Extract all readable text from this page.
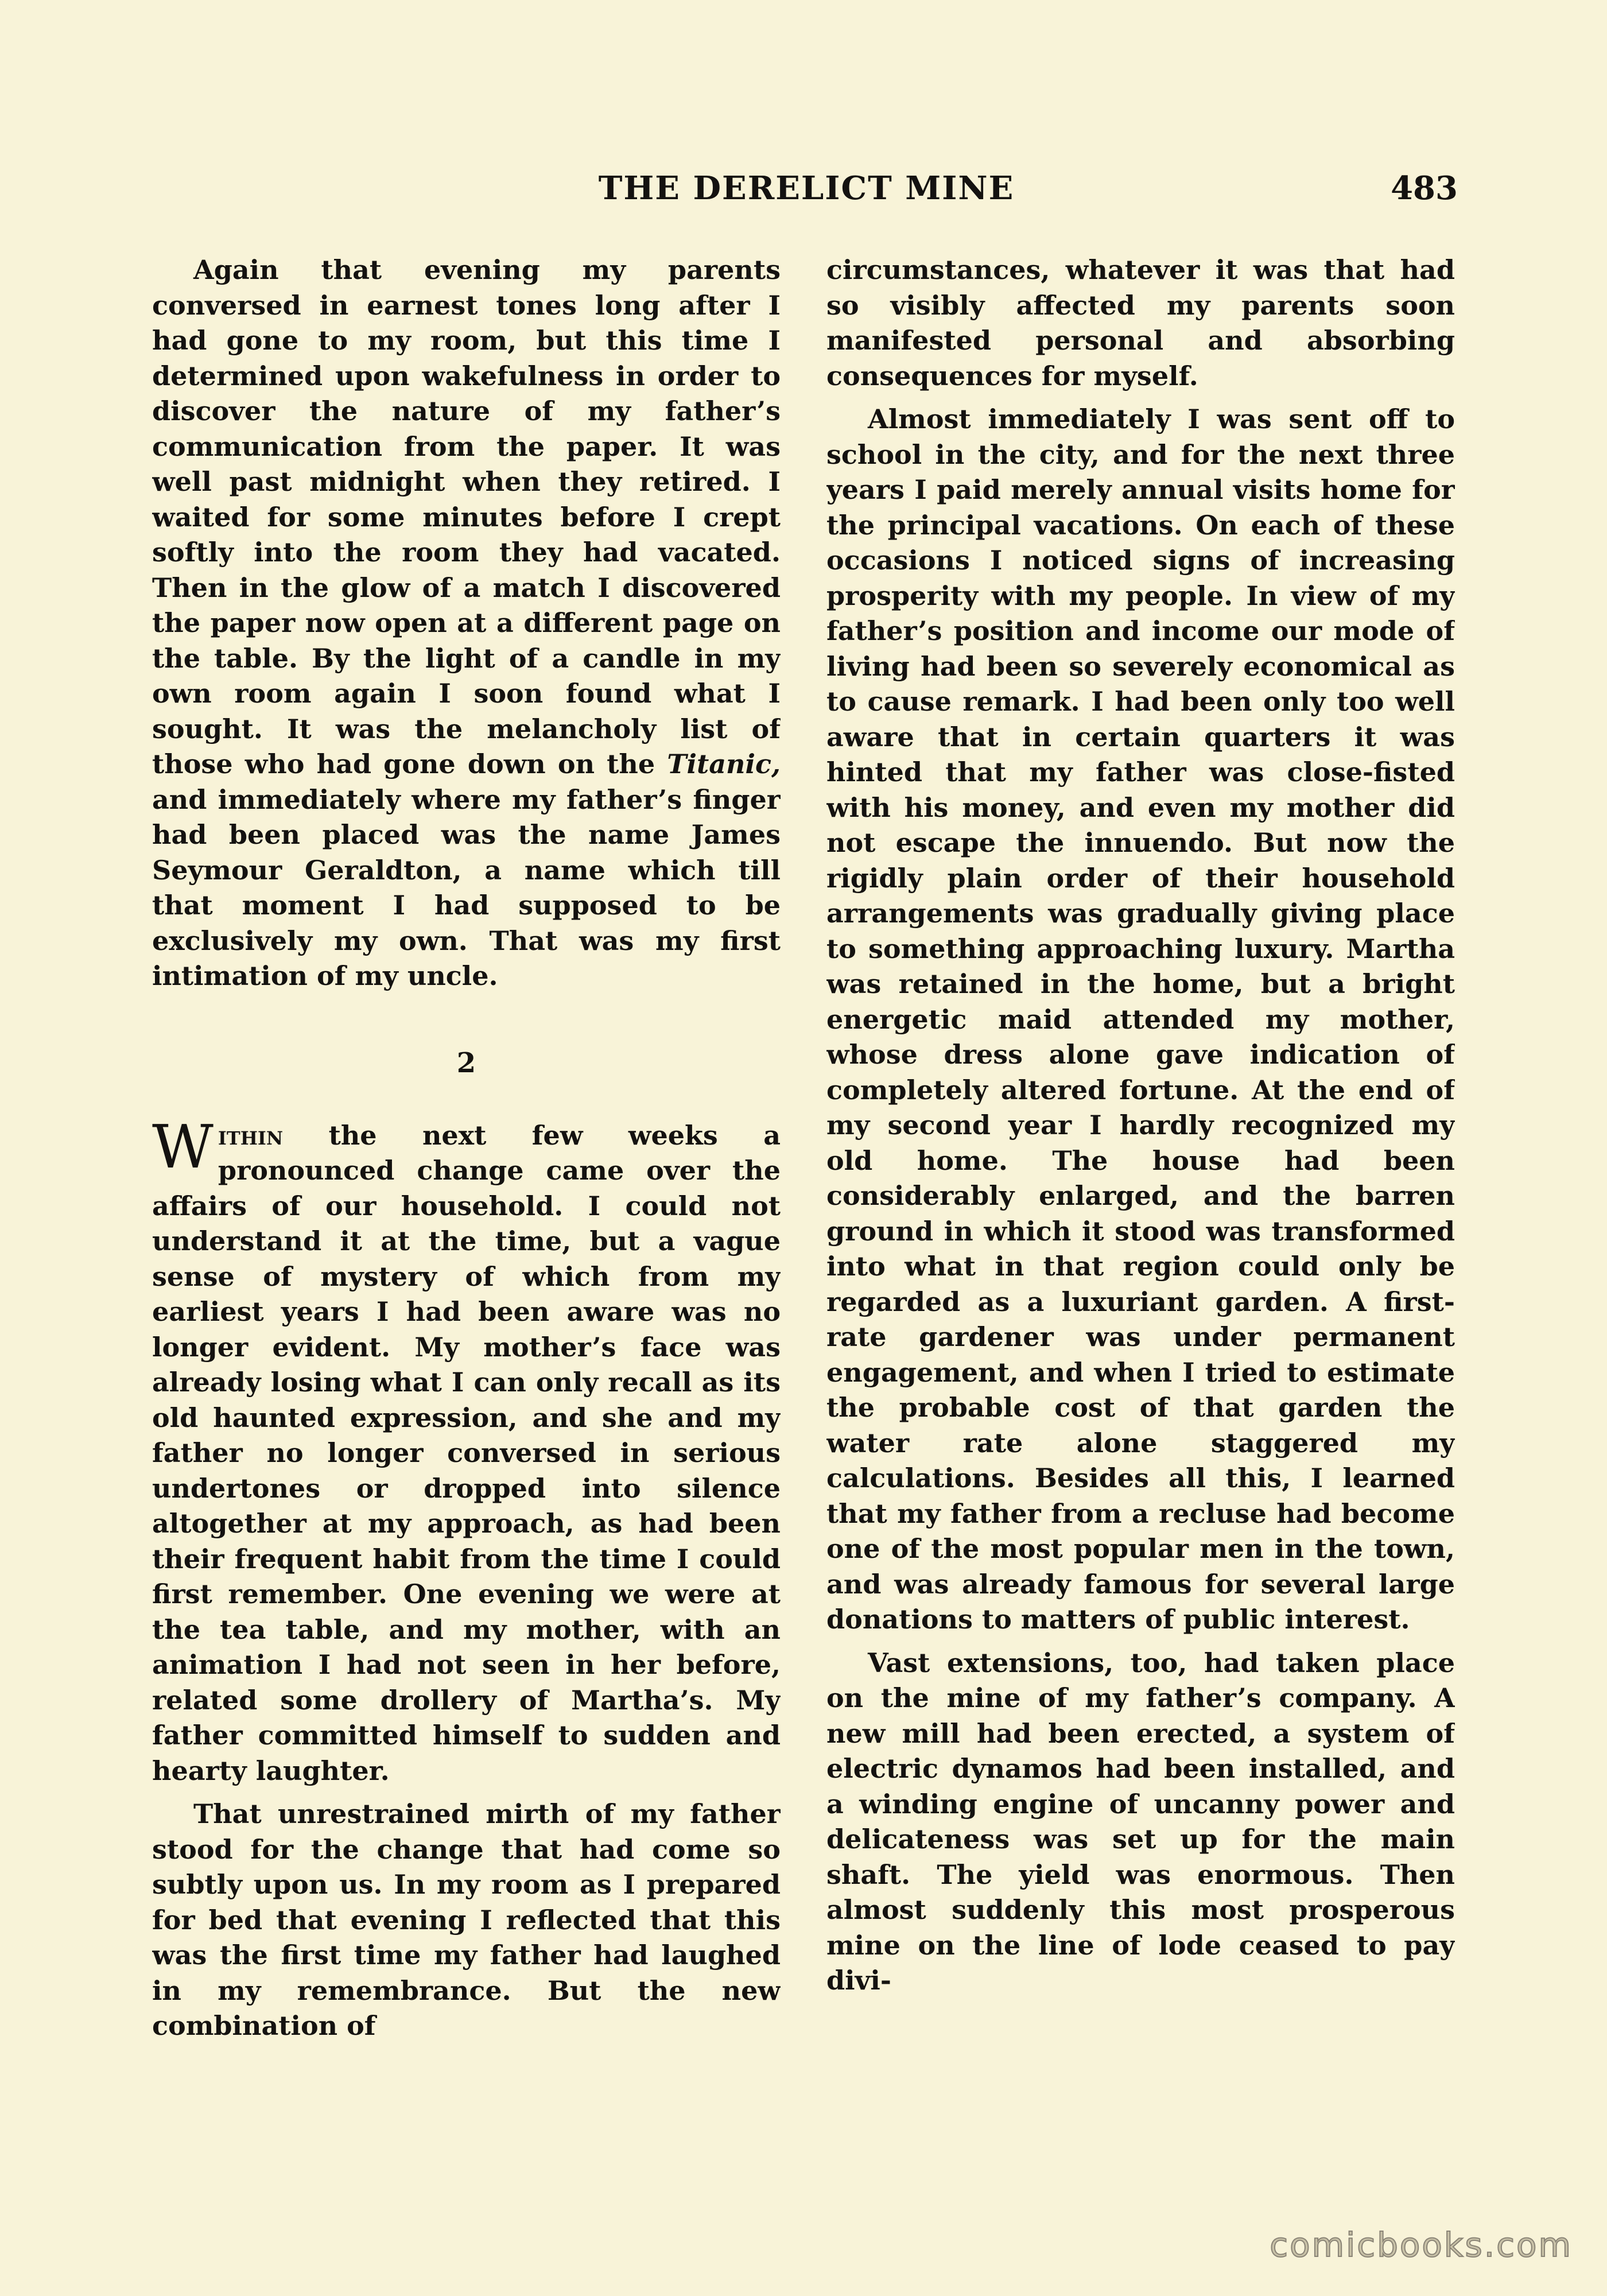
THE DERELICT MINE	483

Again that evening my parents conversed in earnest tones long after I had gone to my room, but this time I determined upon wakefulness in order to discover the nature of my father’s communication from the paper. It was well past midnight when they retired. I waited for some minutes before I crept softly into the room they had vacated. Then in the glow of a match I discovered the paper now open at a different page on the table. By the light of a candle in my own room again I soon found what I sought. It was the melancholy list of those who had gone down on the Titanic, and immediately where my father’s finger had been placed was the name James Seymour Geraldton, a name which till that moment I had supposed to be exclusively my own. That was my first intimation of my uncle.

2

Within the next few weeks a pronounced change came over the affairs of our household. I could not understand it at the time, but a vague sense of mystery of which from my earliest years I had been aware was no longer evident. My mother’s face was already losing what I can only recall as its old haunted expression, and she and my father no longer conversed in serious undertones or dropped into silence altogether at my approach, as had been their frequent habit from the time I could first remember. One evening we were at the tea table, and my mother, with an animation I had not seen in her before, related some drollery of Martha’s. My father committed himself to sudden and hearty laughter.

That unrestrained mirth of my father stood for the change that had come so subtly upon us. In my room as I prepared for bed that evening I reflected that this was the first time my father had laughed in my remembrance. But the new combination of

circumstances, whatever it was that had so visibly affected my parents soon manifested personal and absorbing consequences for myself.

Almost immediately I was sent off to school in the city, and for the next three years I paid merely annual visits home for the principal vacations. On each of these occasions I noticed signs of increasing prosperity with my people. In view of my father’s position and income our mode of living had been so severely economical as to cause remark. I had been only too well aware that in certain quarters it was hinted that my father was close-fisted with his money, and even my mother did not escape the innuendo. But now the rigidly plain order of their household arrangements was gradually giving place to something approaching luxury. Martha was retained in the home, but a bright energetic maid attended my mother, whose dress alone gave indication of completely altered fortune. At the end of my second year I hardly recognized my old home. The house had been considerably enlarged, and the barren ground in which it stood was transformed into what in that region could only be regarded as a luxuriant garden. A first-rate gardener was under permanent engagement, and when I tried to estimate the probable cost of that garden the water rate alone staggered my calculations. Besides all this, I learned that my father from a recluse had become one of the most popular men in the town, and was already famous for several large donations to matters of public interest.

Vast extensions, too, had taken place on the mine of my father’s company. A new mill had been erected, a system of electric dynamos had been installed, and a winding engine of uncanny power and delicateness was set up for the main shaft. The yield was enormous. Then almost suddenly this most prosperous mine on the line of lode ceased to pay divi-

comicbooks.com
